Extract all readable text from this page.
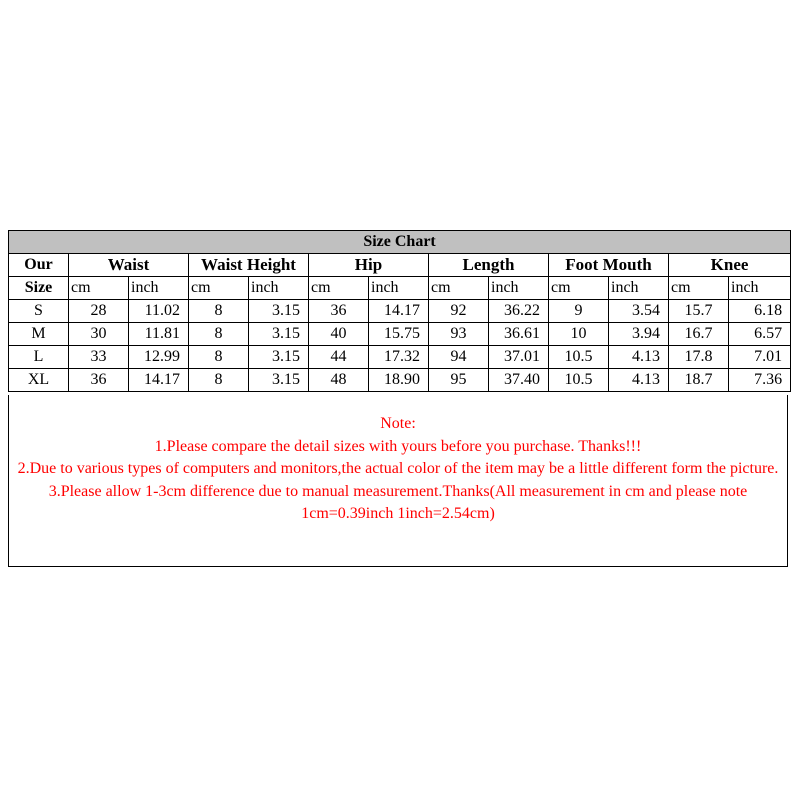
Size Chart												
Our	Waist		Waist Height		Hip		Length		Foot Mouth		Knee	
Size	cm	inch	cm	inch	cm	inch	cm	inch	cm	inch	cm	inch
S	28	11.02	8	3.15	36	14.17	92	36.22	9	3.54	15.7	6.18
M	30	11.81	8	3.15	40	15.75	93	36.61	10	3.94	16.7	6.57
L	33	12.99	8	3.15	44	17.32	94	37.01	10.5	4.13	17.8	7.01
XL	36	14.17	8	3.15	48	18.90	95	37.40	10.5	4.13	18.7	7.36
Note:
1.Please compare the detail sizes with yours before you purchase. Thanks!!!
2.Due to various types of computers and monitors,the actual color of the item may be a little different form the picture.
3.Please allow 1-3cm difference due to manual measurement.Thanks(All measurement in cm and please note 1cm=0.39inch 1inch=2.54cm)
